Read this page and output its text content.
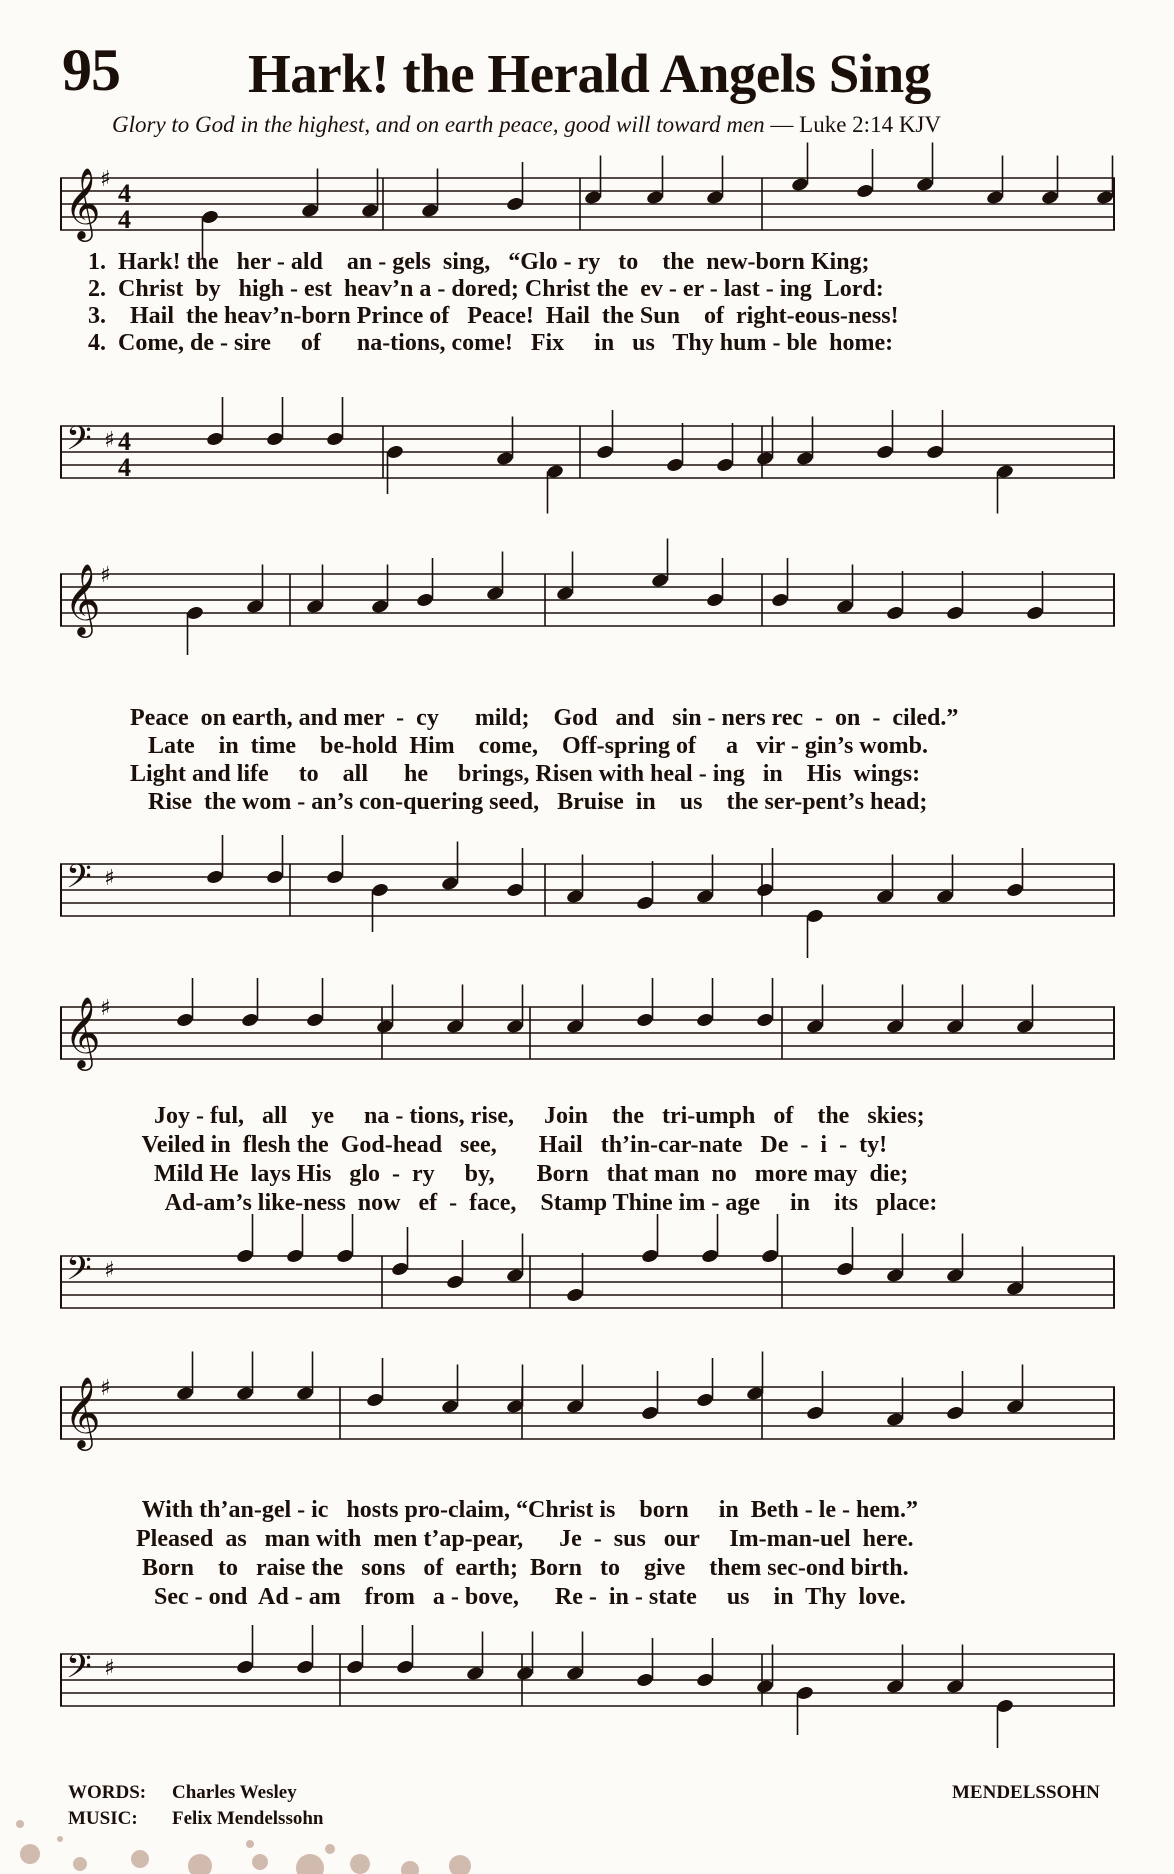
95 Hark! the Herald Angels Sing
Glory to God in the highest, and on earth peace, good will toward men — Luke 2:14 KJV
𝄞 ♯ 4
4
1.  Hark! the   her - ald    an - gels  sing,   “Glo - ry   to    the  new-born King;
2.  Christ  by   high - est  heav’n a - dored; Christ the  ev - er - last - ing  Lord:
3.    Hail  the heav’n-born Prince of   Peace!  Hail  the Sun    of  right-eous-ness!
4.  Come, de - sire     of      na-tions, come!   Fix     in   us   Thy hum - ble  home:
𝄢 ♯ 4
4
𝄞 ♯
Peace  on earth, and mer  -  cy      mild;    God   and   sin - ners rec  -  on  -  ciled.”
Late    in  time    be-hold  Him    come,    Off-spring of     a   vir - gin’s womb.
Light and life     to    all      he     brings, Risen with heal - ing   in    His  wings:
Rise  the wom - an’s con-quering seed,   Bruise  in    us    the ser-pent’s head;
𝄢 ♯
𝄞 ♯
Joy - ful,   all    ye     na - tions, rise,     Join    the   tri-umph   of    the   skies;
Veiled in  flesh the  God-head   see,       Hail   th’in-car-nate   De  -  i  -  ty!
Mild He  lays His   glo  -  ry     by,       Born   that man  no   more may  die;
Ad-am’s like-ness  now   ef  -  face,    Stamp Thine im - age     in    its   place:
𝄢 ♯
𝄞 ♯
With th’an-gel - ic   hosts pro-claim, “Christ is    born     in  Beth - le - hem.”
Pleased  as   man with  men t’ap-pear,      Je  -  sus   our     Im-man-uel  here.
Born    to   raise the   sons   of  earth;  Born   to    give    them sec-ond birth.
Sec - ond  Ad - am    from   a - bove,      Re -  in - state     us    in  Thy  love.
𝄢 ♯
WORDS: Charles Wesley
MUSIC: Felix Mendelssohn
MENDELSSOHN
